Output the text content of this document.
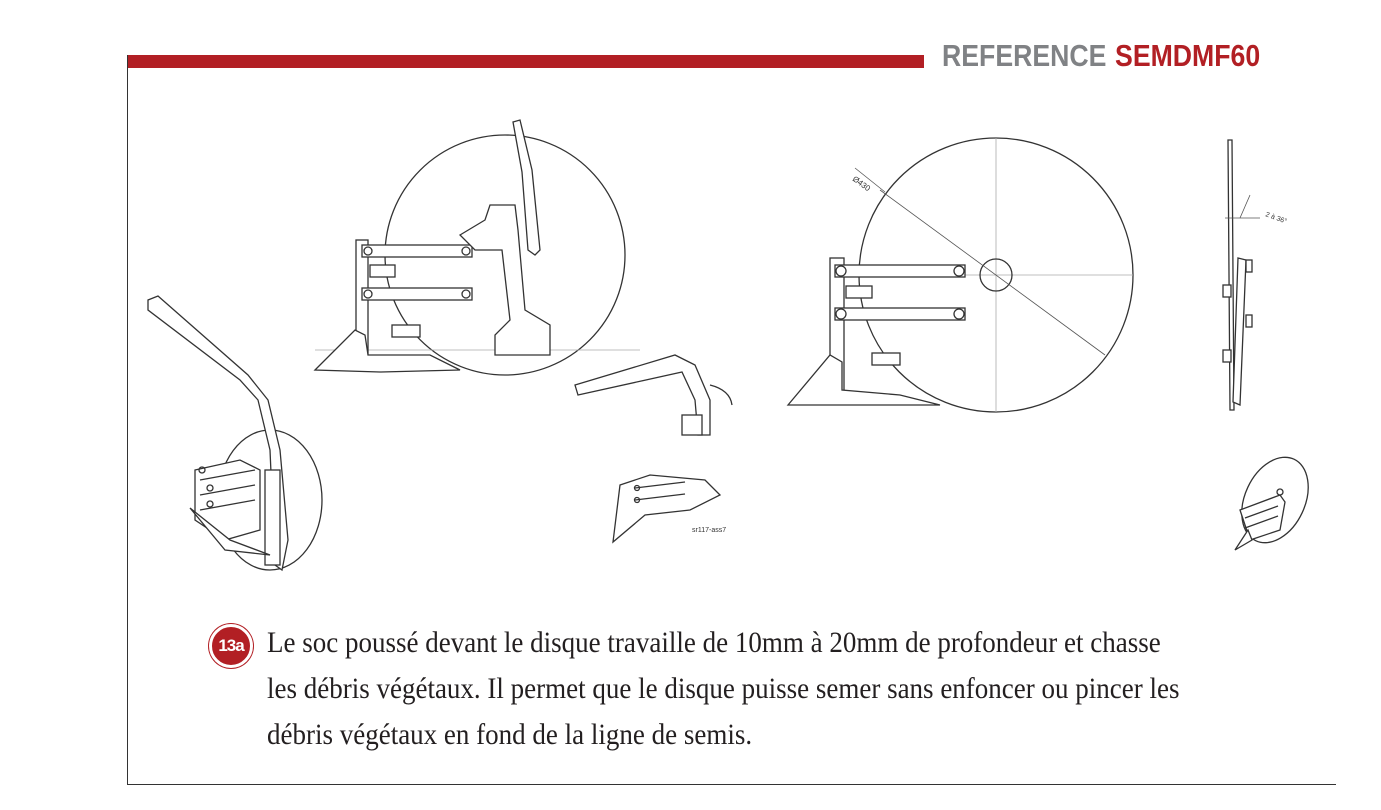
REFERENCE SEMDMF60
sr117-ass7
Ø430
2 à 36°
13a Le soc poussé devant le disque travaille de 10mm à 20mm de profondeur et chasse
les débris végétaux. Il permet que le disque puisse semer sans enfoncer ou pincer les
débris végétaux en fond de la ligne de semis.
